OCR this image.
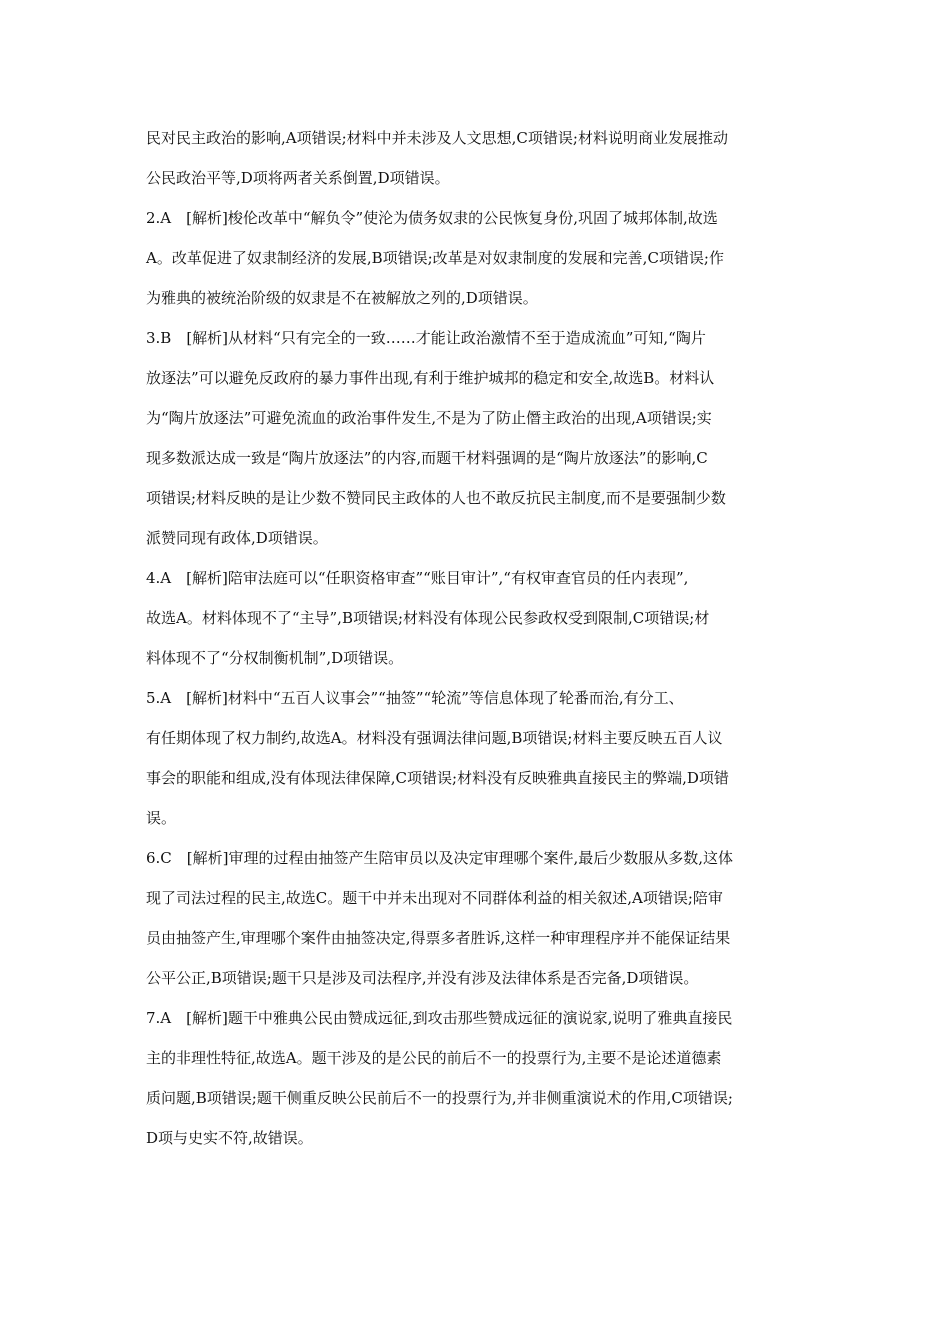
民对民主政治的影响,A项错误;材料中并未涉及人文思想,C项错误;材料说明商业发展推动
公民政治平等,D项将两者关系倒置,D项错误。
2.A　[解析]梭伦改革中“解负令”使沦为债务奴隶的公民恢复身份,巩固了城邦体制,故选
A。改革促进了奴隶制经济的发展,B项错误;改革是对奴隶制度的发展和完善,C项错误;作
为雅典的被统治阶级的奴隶是不在被解放之列的,D项错误。
3.B　[解析]从材料“只有完全的一致……才能让政治激情不至于造成流血”可知,“陶片
放逐法”可以避免反政府的暴力事件出现,有利于维护城邦的稳定和安全,故选B。材料认
为“陶片放逐法”可避免流血的政治事件发生,不是为了防止僭主政治的出现,A项错误;实
现多数派达成一致是“陶片放逐法”的内容,而题干材料强调的是“陶片放逐法”的影响,C
项错误;材料反映的是让少数不赞同民主政体的人也不敢反抗民主制度,而不是要强制少数
派赞同现有政体,D项错误。
4.A　[解析]陪审法庭可以“任职资格审查”“账目审计”,“有权审查官员的任内表现”,
故选A。材料体现不了“主导”,B项错误;材料没有体现公民参政权受到限制,C项错误;材
料体现不了“分权制衡机制”,D项错误。
5.A　[解析]材料中“五百人议事会”“抽签”“轮流”等信息体现了轮番而治,有分工、
有任期体现了权力制约,故选A。材料没有强调法律问题,B项错误;材料主要反映五百人议
事会的职能和组成,没有体现法律保障,C项错误;材料没有反映雅典直接民主的弊端,D项错
误。
6.C　[解析]审理的过程由抽签产生陪审员以及决定审理哪个案件,最后少数服从多数,这体
现了司法过程的民主,故选C。题干中并未出现对不同群体利益的相关叙述,A项错误;陪审
员由抽签产生,审理哪个案件由抽签决定,得票多者胜诉,这样一种审理程序并不能保证结果
公平公正,B项错误;题干只是涉及司法程序,并没有涉及法律体系是否完备,D项错误。
7.A　[解析]题干中雅典公民由赞成远征,到攻击那些赞成远征的演说家,说明了雅典直接民
主的非理性特征,故选A。题干涉及的是公民的前后不一的投票行为,主要不是论述道德素
质问题,B项错误;题干侧重反映公民前后不一的投票行为,并非侧重演说术的作用,C项错误;
D项与史实不符,故错误。
